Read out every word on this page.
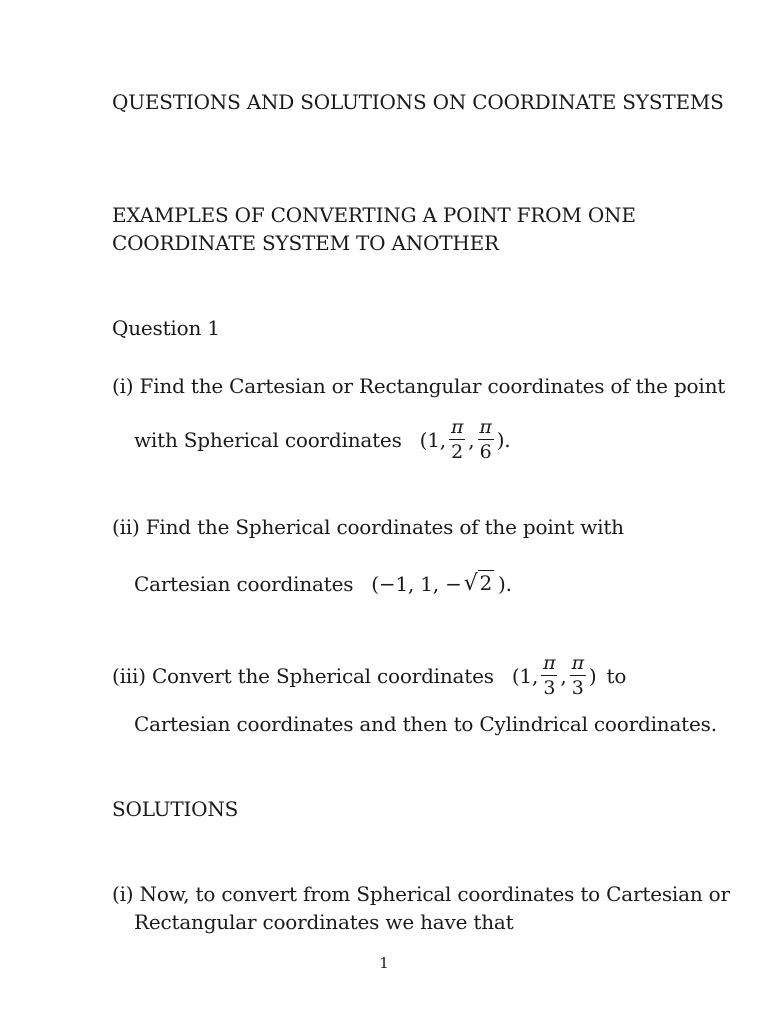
QUESTIONS AND SOLUTIONS ON COORDINATE SYSTEMS
EXAMPLES OF CONVERTING A POINT FROM ONE
COORDINATE SYSTEM TO ANOTHER
Question 1
(i) Find the Cartesian or Rectangular coordinates of the point
with Spherical coordinates (1, $\frac{\pi}{2}$ , $\frac{\pi}{6}$ ).
(ii) Find the Spherical coordinates of the point with
Cartesian coordinates (−1, 1, − √ 2 ).
(iii) Convert the Spherical coordinates (1, $\frac{\pi}{3}$ , $\frac{\pi}{3}$ ) to
Cartesian coordinates and then to Cylindrical coordinates.
SOLUTIONS
(i) Now, to convert from Spherical coordinates to Cartesian or
Rectangular coordinates we have that
1
